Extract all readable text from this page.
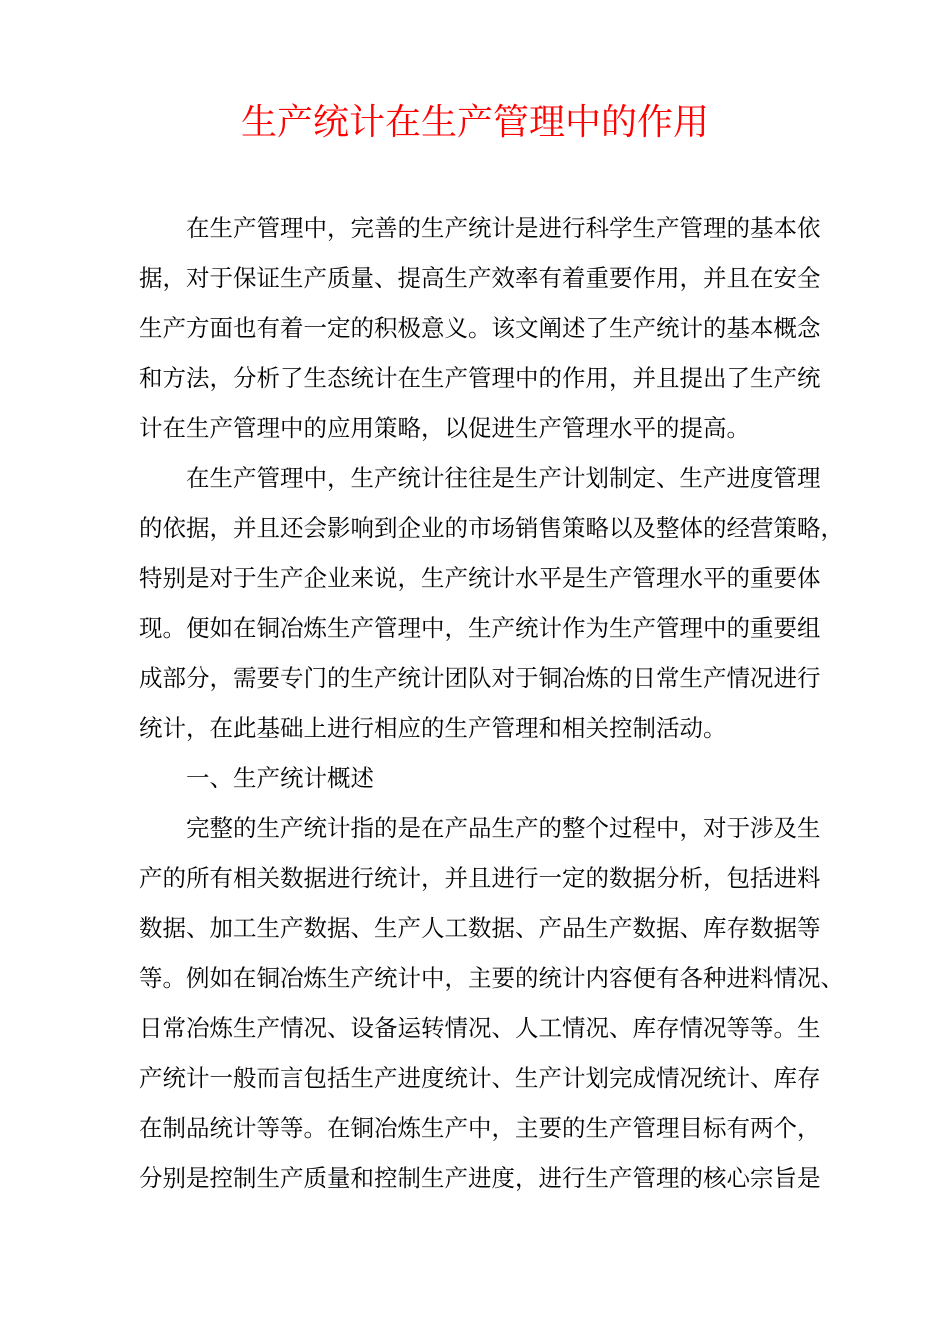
生产统计在生产管理中的作用
在生产管理中，完善的生产统计是进行科学生产管理的基本依
据，对于保证生产质量、提高生产效率有着重要作用，并且在安全
生产方面也有着一定的积极意义。该文阐述了生产统计的基本概念
和方法，分析了生态统计在生产管理中的作用，并且提出了生产统
计在生产管理中的应用策略，以促进生产管理水平的提高。
在生产管理中，生产统计往往是生产计划制定、生产进度管理
的依据，并且还会影响到企业的市场销售策略以及整体的经营策略，
特别是对于生产企业来说，生产统计水平是生产管理水平的重要体
现。便如在铜冶炼生产管理中，生产统计作为生产管理中的重要组
成部分，需要专门的生产统计团队对于铜冶炼的日常生产情况进行
统计，在此基础上进行相应的生产管理和相关控制活动。
一、生产统计概述
完整的生产统计指的是在产品生产的整个过程中，对于涉及生
产的所有相关数据进行统计，并且进行一定的数据分析，包括进料
数据、加工生产数据、生产人工数据、产品生产数据、库存数据等
等。例如在铜冶炼生产统计中，主要的统计内容便有各种进料情况、
日常冶炼生产情况、设备运转情况、人工情况、库存情况等等。生
产统计一般而言包括生产进度统计、生产计划完成情况统计、库存
在制品统计等等。在铜冶炼生产中，主要的生产管理目标有两个，
分别是控制生产质量和控制生产进度，进行生产管理的核心宗旨是
